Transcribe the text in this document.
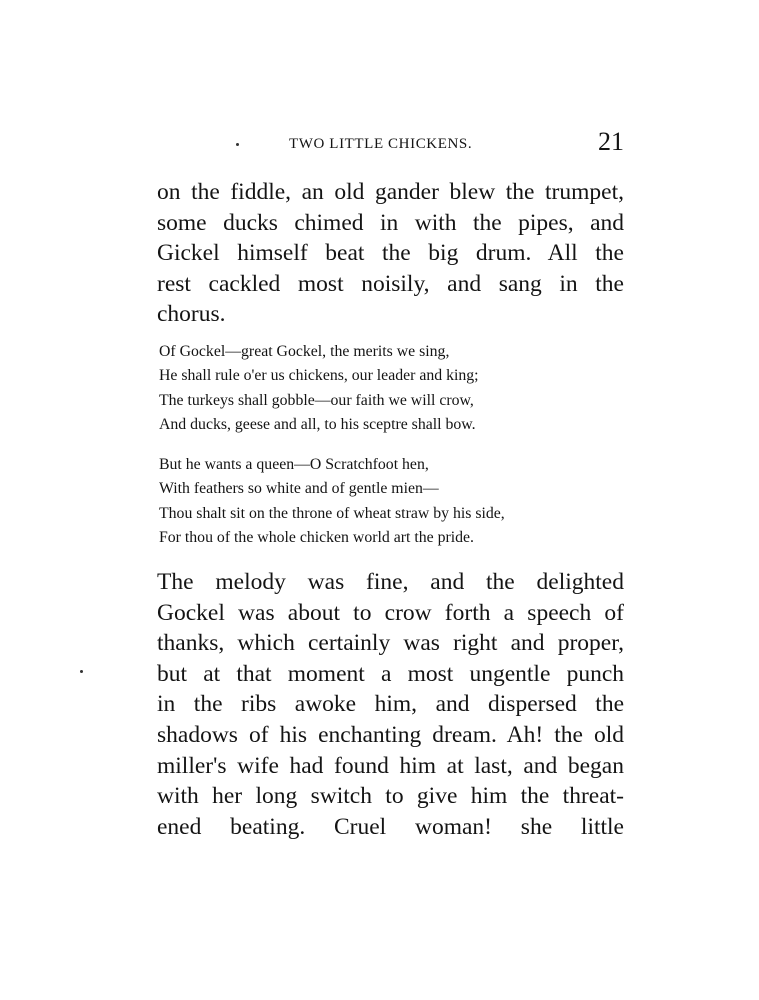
TWO LITTLE CHICKENS.	21
on the fiddle, an old gander blew the trumpet,
some ducks chimed in with the pipes, and
Gickel himself beat the big drum. All the
rest cackled most noisily, and sang in the
chorus.
Of Gockel—great Gockel, the merits we sing,
He shall rule o'er us chickens, our leader and king;
The turkeys shall gobble—our faith we will crow,
And ducks, geese and all, to his sceptre shall bow.
But he wants a queen—O Scratchfoot hen,
With feathers so white and of gentle mien—
Thou shalt sit on the throne of wheat straw by his side,
For thou of the whole chicken world art the pride.
The melody was fine, and the delighted
Gockel was about to crow forth a speech of
thanks, which certainly was right and proper,
but at that moment a most ungentle punch
in the ribs awoke him, and dispersed the
shadows of his enchanting dream. Ah! the old
miller's wife had found him at last, and began
with her long switch to give him the threat-
ened beating. Cruel woman! she little
